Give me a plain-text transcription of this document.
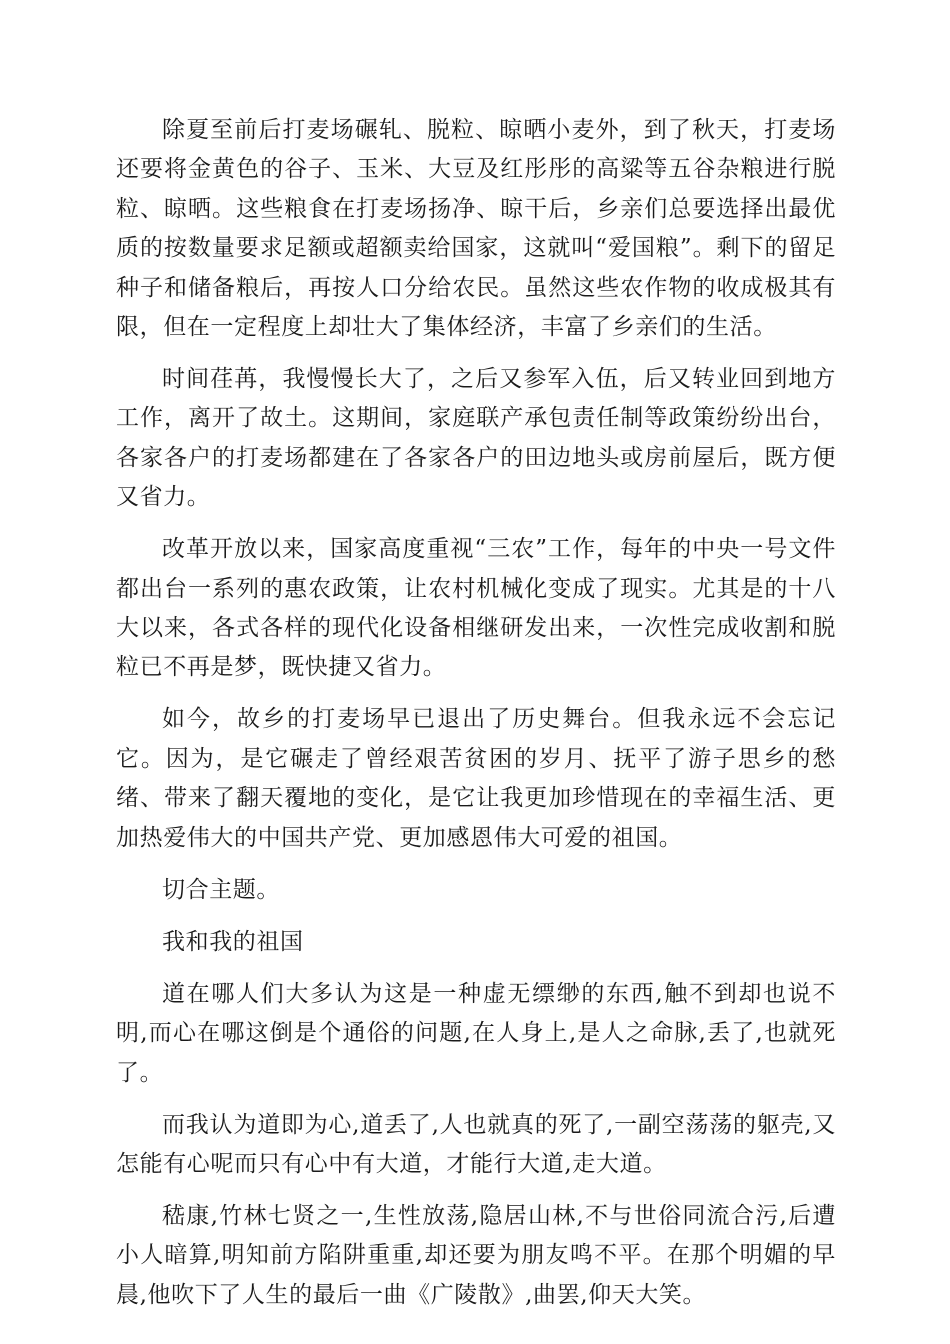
除夏至前后打麦场碾轧、脱粒、晾晒小麦外，到了秋天，打麦场还要将金黄色的谷子、玉米、大豆及红彤彤的高粱等五谷杂粮进行脱粒、晾晒。这些粮食在打麦场扬净、晾干后，乡亲们总要选择出最优质的按数量要求足额或超额卖给国家，这就叫“爱国粮”。剩下的留足种子和储备粮后，再按人口分给农民。虽然这些农作物的收成极其有限，但在一定程度上却壮大了集体经济，丰富了乡亲们的生活。

时间荏苒，我慢慢长大了，之后又参军入伍，后又转业回到地方工作，离开了故土。这期间，家庭联产承包责任制等政策纷纷出台，各家各户的打麦场都建在了各家各户的田边地头或房前屋后，既方便又省力。

改革开放以来，国家高度重视“三农”工作，每年的中央一号文件都出台一系列的惠农政策，让农村机械化变成了现实。尤其是的十八大以来，各式各样的现代化设备相继研发出来，一次性完成收割和脱粒已不再是梦，既快捷又省力。

如今，故乡的打麦场早已退出了历史舞台。但我永远不会忘记它。因为，是它碾走了曾经艰苦贫困的岁月、抚平了游子思乡的愁绪、带来了翻天覆地的变化，是它让我更加珍惜现在的幸福生活、更加热爱伟大的中国共产党、更加感恩伟大可爱的祖国。

切合主题。

我和我的祖国

道在哪人们大多认为这是一种虚无缥缈的东西,触不到却也说不明,而心在哪这倒是个通俗的问题,在人身上,是人之命脉,丢了,也就死了。

而我认为道即为心,道丢了,人也就真的死了,一副空荡荡的躯壳,又怎能有心呢而只有心中有大道，才能行大道,走大道。

嵇康,竹林七贤之一,生性放荡,隐居山林,不与世俗同流合污,后遭小人暗算,明知前方陷阱重重,却还要为朋友鸣不平。在那个明媚的早晨,他吹下了人生的最后一曲《广陵散》,曲罢,仰天大笑。
